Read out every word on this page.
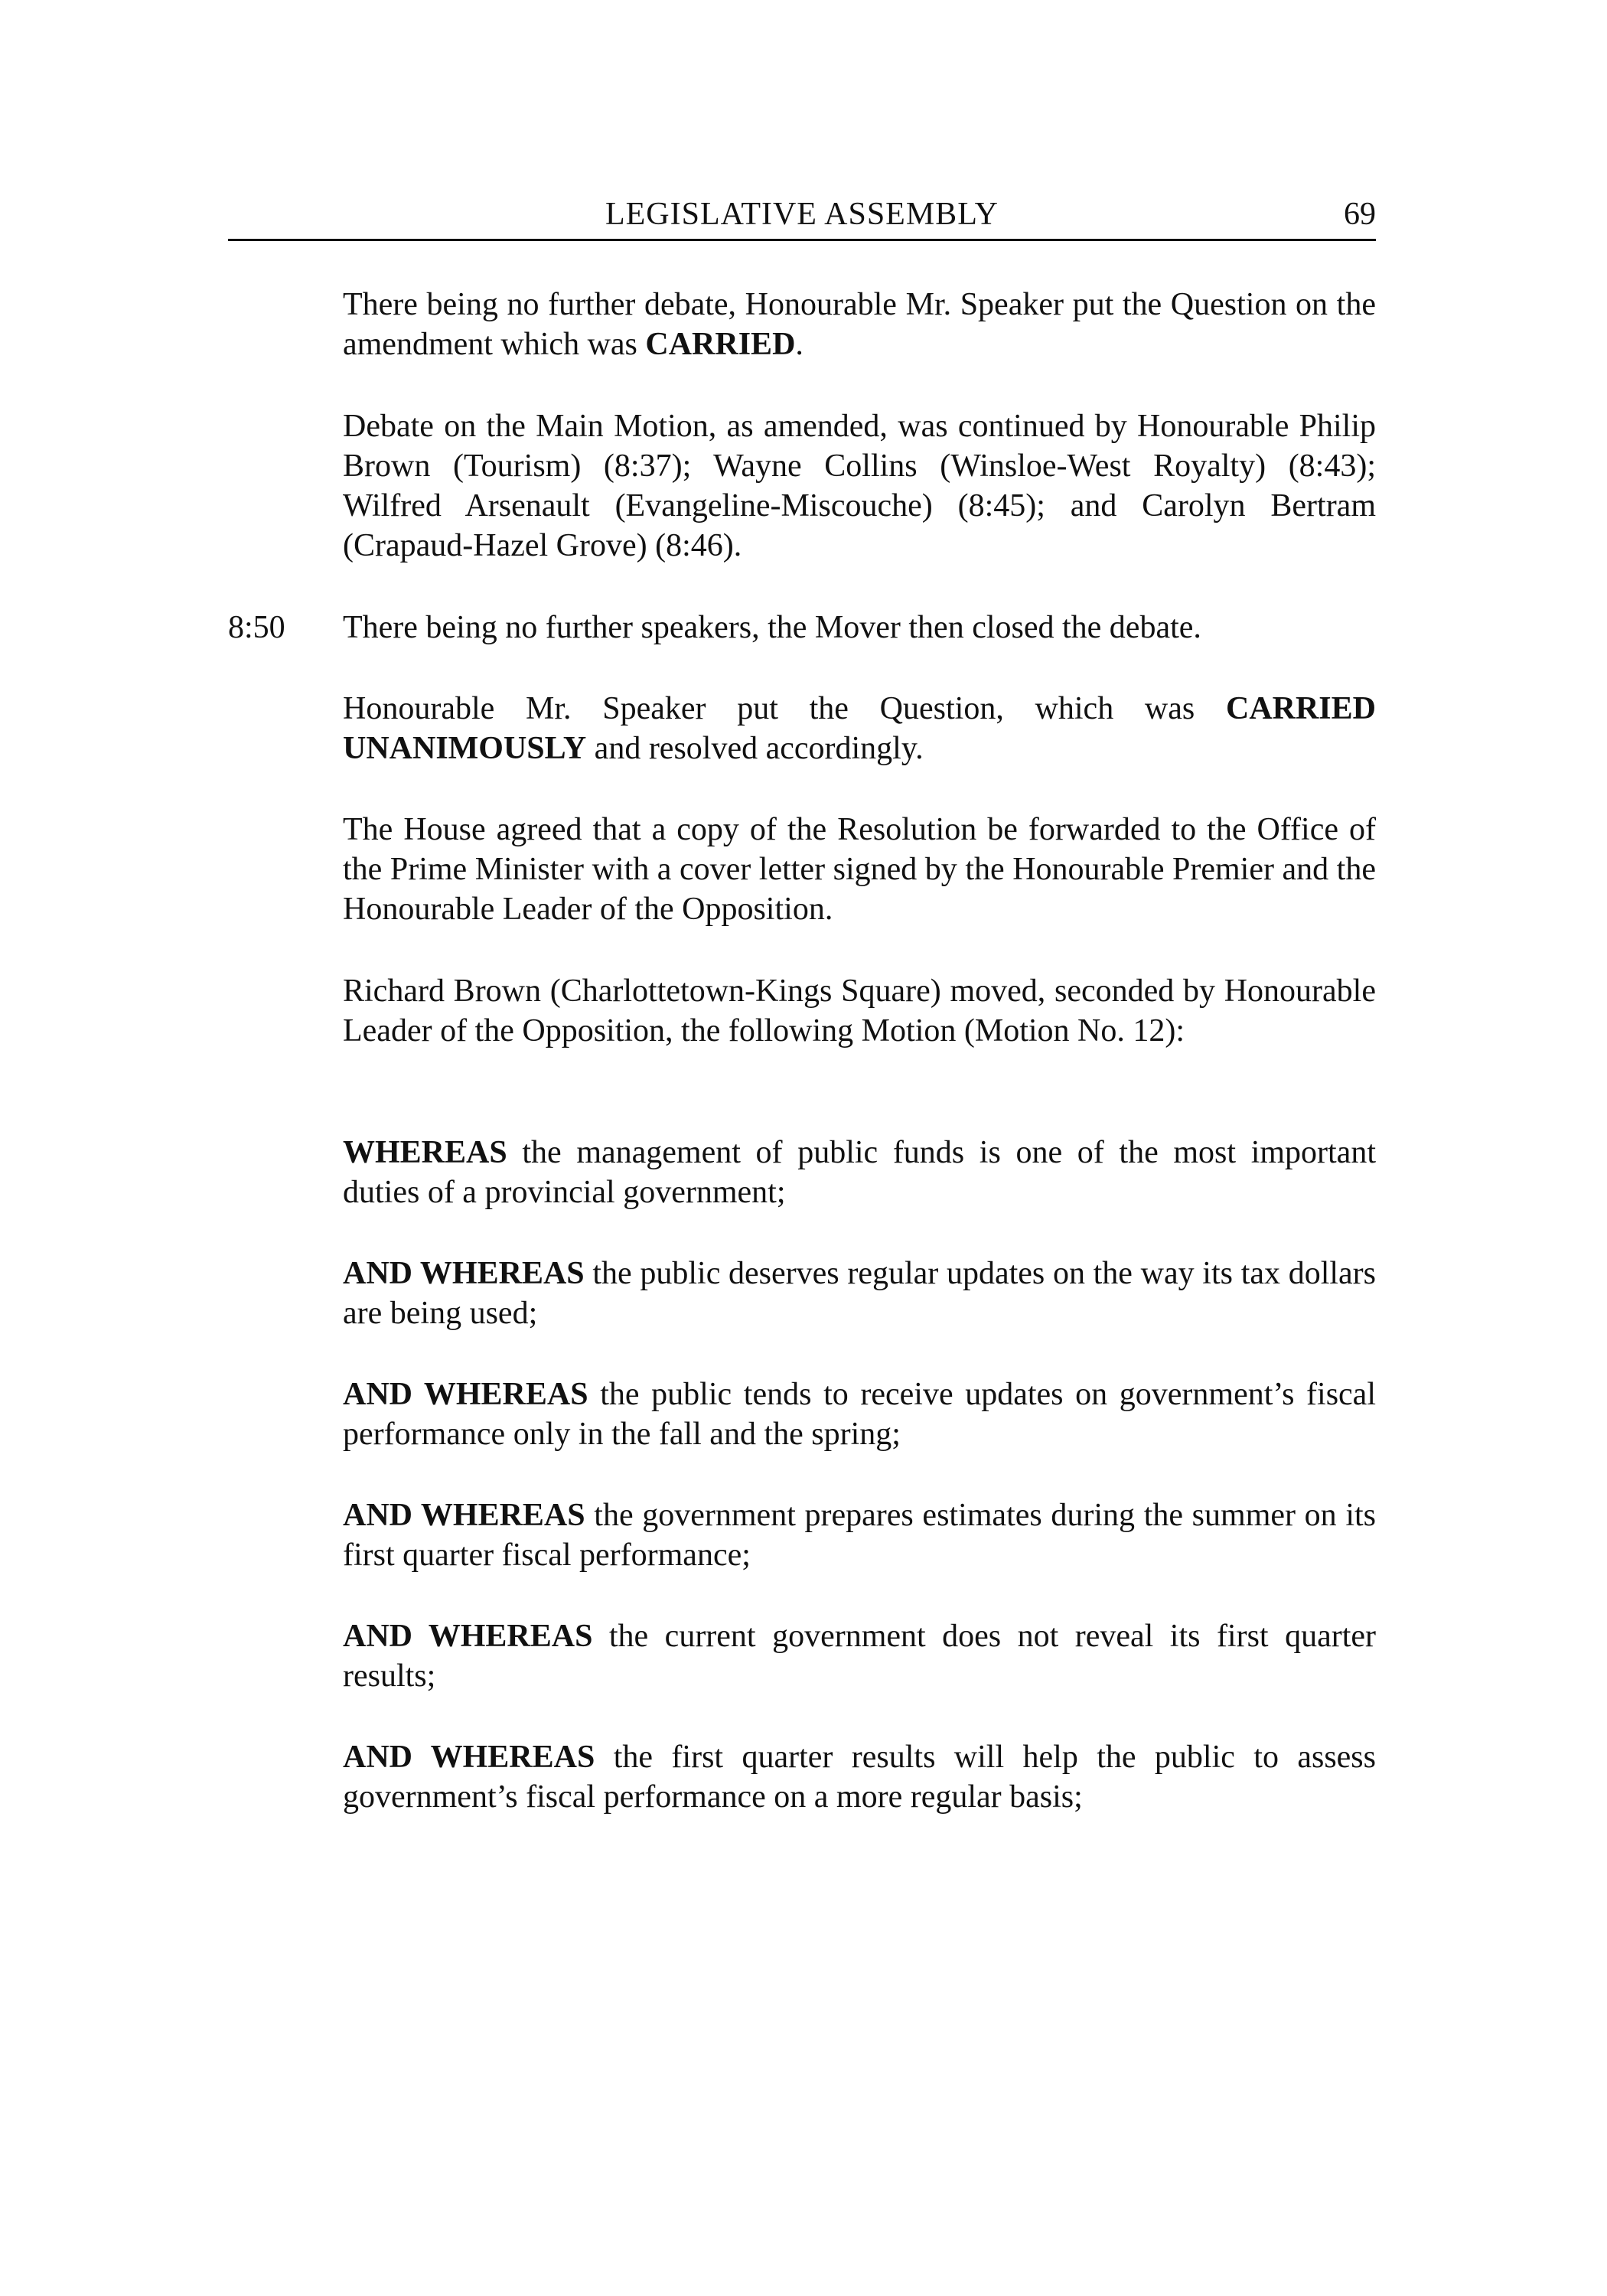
LEGISLATIVE ASSEMBLY	69

There being no further debate, Honourable Mr. Speaker put the Question on the amendment which was CARRIED.

Debate on the Main Motion, as amended, was continued by Honourable Philip Brown (Tourism) (8:37); Wayne Collins (Winsloe-West Royalty) (8:43); Wilfred Arsenault (Evangeline-Miscouche) (8:45); and Carolyn Bertram (Crapaud-Hazel Grove) (8:46).

8:50 There being no further speakers, the Mover then closed the debate.

Honourable Mr. Speaker put the Question, which was CARRIED UNANIMOUSLY and resolved accordingly.

The House agreed that a copy of the Resolution be forwarded to the Office of the Prime Minister with a cover letter signed by the Honourable Premier and the Honourable Leader of the Opposition.

Richard Brown (Charlottetown-Kings Square) moved, seconded by Honourable Leader of the Opposition, the following Motion (Motion No. 12):

WHEREAS the management of public funds is one of the most important duties of a provincial government;

AND WHEREAS the public deserves regular updates on the way its tax dollars are being used;

AND WHEREAS the public tends to receive updates on government’s fiscal performance only in the fall and the spring;

AND WHEREAS the government prepares estimates during the summer on its first quarter fiscal performance;

AND WHEREAS the current government does not reveal its first quarter results;

AND WHEREAS the first quarter results will help the public to assess government’s fiscal performance on a more regular basis;
